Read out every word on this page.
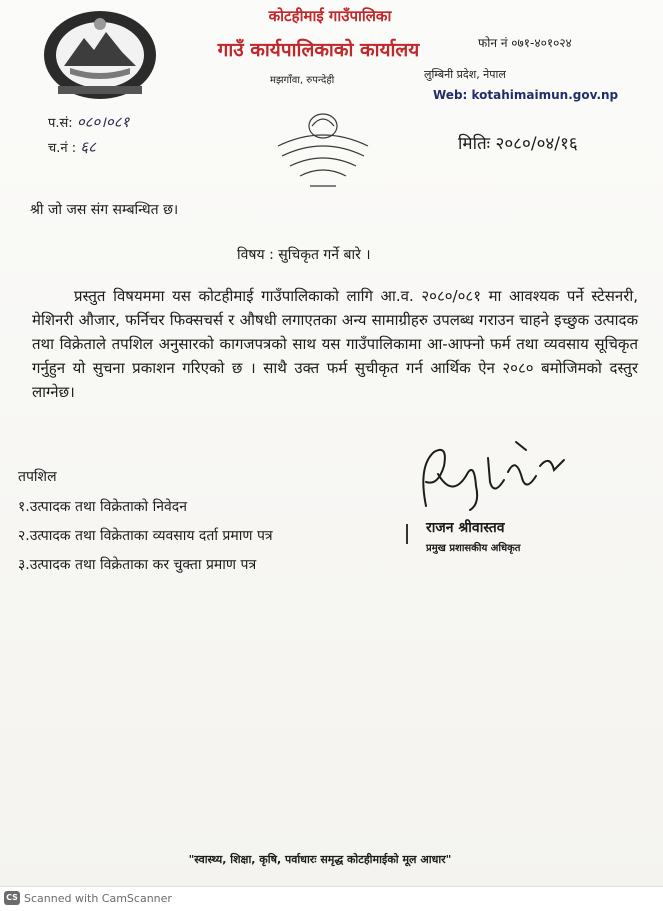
कोटहीमाई गाउँपालिका
गाउँ कार्यपालिकाको कार्यालय
मझगाँवा, रुपन्देही
फोन नं ०७१-४०१०२४
लुम्बिनी प्रदेश, नेपाल
Web: kotahimaimun.gov.np
प.सं: ०८०।०८१
च.नं : ६८	मितिः २०८०/०४/१६
श्री जो जस संग सम्बन्धित छ।
विषय : सुचिकृत गर्ने बारे ।
प्रस्तुत विषयममा यस कोटहीमाई गाउँपालिकाको लागि आ.व. २०८०/०८१ मा आवश्यक पर्ने स्टेसनरी, मेशिनरी औजार, फर्निचर फिक्सचर्स र औषधी लगाएतका अन्य सामाग्रीहरु उपलब्ध गराउन चाहने इच्छुक उत्पादक तथा विक्रेताले तपशिल अनुसारको कागजपत्रको साथ यस गाउँपालिकामा आ-आफ्नो फर्म तथा व्यवसाय सूचिकृत गर्नुहुन यो सुचना प्रकाशन गरिएको छ । साथै उक्त फर्म सुचीकृत गर्न आर्थिक ऐन २०८० बमोजिमको दस्तुर लाग्नेछ।
तपशिल
१.उत्पादक तथा विक्रेताको निवेदन
२.उत्पादक तथा विक्रेताका व्यवसाय दर्ता प्रमाण पत्र
३.उत्पादक तथा विक्रेताका कर चुक्ता प्रमाण पत्र
राजन श्रीवास्तव
प्रमुख प्रशासकीय अधिकृत
"स्वास्थ्य, शिक्षा, कृषि, पर्वाधारः समृद्ध कोटहीमाईको मूल आधार"
CS Scanned with CamScanner
